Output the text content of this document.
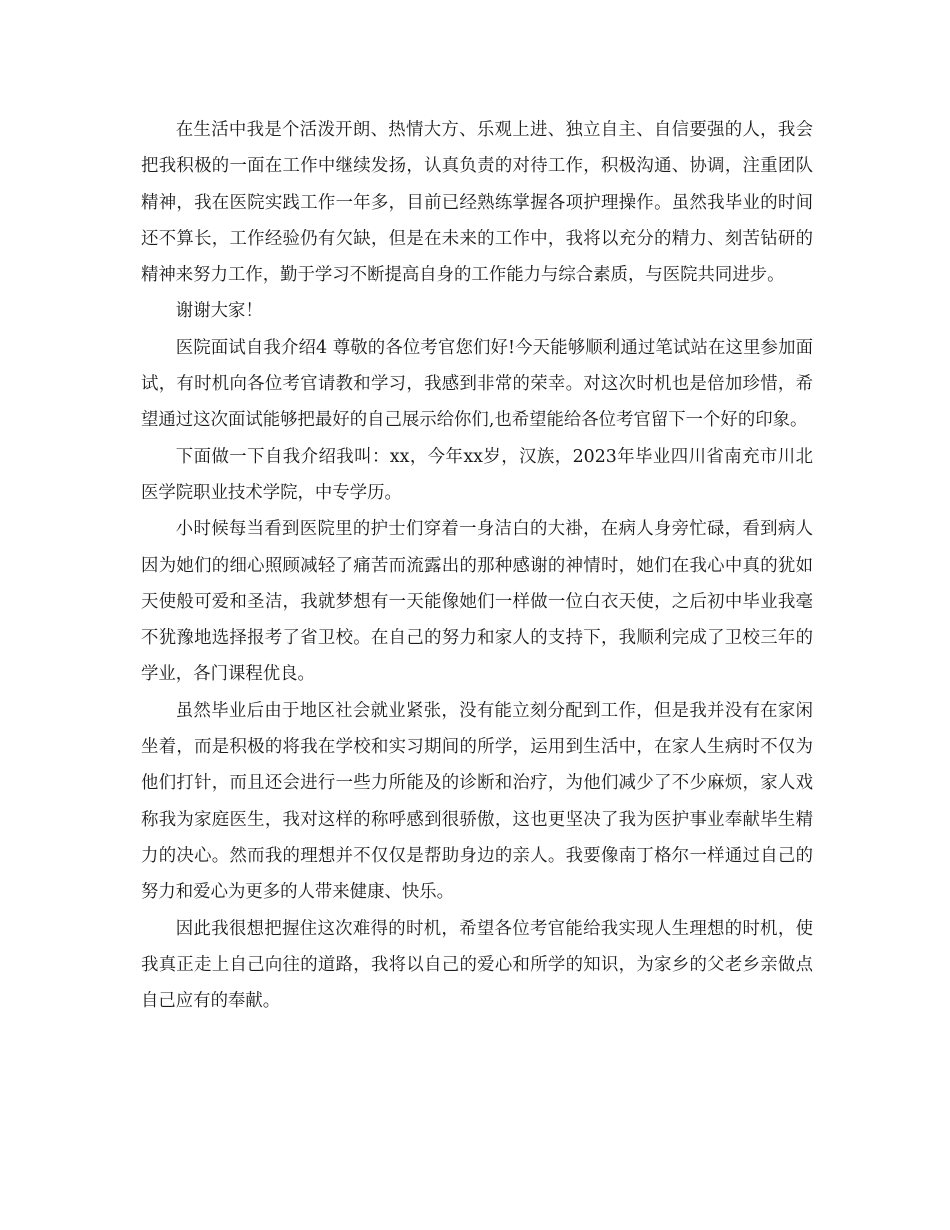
在生活中我是个活泼开朗、热情大方、乐观上进、独立自主、自信要强的人，我会把我积极的一面在工作中继续发扬，认真负责的对待工作，积极沟通、协调，注重团队精神，我在医院实践工作一年多，目前已经熟练掌握各项护理操作。虽然我毕业的时间还不算长，工作经验仍有欠缺，但是在未来的工作中，我将以充分的精力、刻苦钻研的精神来努力工作，勤于学习不断提高自身的工作能力与综合素质，与医院共同进步。

谢谢大家！

医院面试自我介绍4 尊敬的各位考官您们好!今天能够顺利通过笔试站在这里参加面试，有时机向各位考官请教和学习，我感到非常的荣幸。对这次时机也是倍加珍惜，希望通过这次面试能够把最好的自己展示给你们,也希望能给各位考官留下一个好的印象。

下面做一下自我介绍我叫：xx，今年xx岁，汉族，2023年毕业四川省南充市川北医学院职业技术学院，中专学历。

小时候每当看到医院里的护士们穿着一身洁白的大褂，在病人身旁忙碌，看到病人因为她们的细心照顾减轻了痛苦而流露出的那种感谢的神情时，她们在我心中真的犹如天使般可爱和圣洁，我就梦想有一天能像她们一样做一位白衣天使，之后初中毕业我毫不犹豫地选择报考了省卫校。在自己的努力和家人的支持下，我顺利完成了卫校三年的学业，各门课程优良。

虽然毕业后由于地区社会就业紧张，没有能立刻分配到工作，但是我并没有在家闲坐着，而是积极的将我在学校和实习期间的所学，运用到生活中，在家人生病时不仅为他们打针，而且还会进行一些力所能及的诊断和治疗，为他们减少了不少麻烦，家人戏称我为家庭医生，我对这样的称呼感到很骄傲，这也更坚决了我为医护事业奉献毕生精力的决心。然而我的理想并不仅仅是帮助身边的亲人。我要像南丁格尔一样通过自己的努力和爱心为更多的人带来健康、快乐。

因此我很想把握住这次难得的时机，希望各位考官能给我实现人生理想的时机，使我真正走上自己向往的道路，我将以自己的爱心和所学的知识，为家乡的父老乡亲做点自己应有的奉献。
